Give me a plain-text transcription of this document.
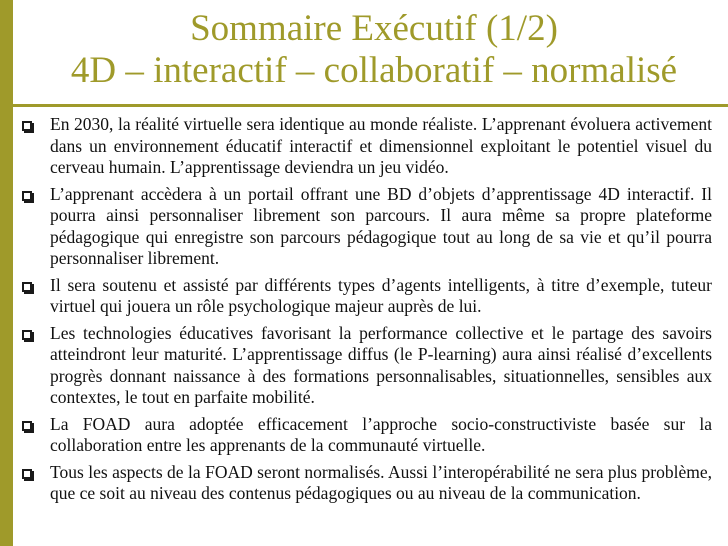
Sommaire Exécutif (1/2)
4D – interactif – collaboratif – normalisé
En 2030, la réalité virtuelle sera identique au monde réaliste. L’apprenant évoluera activement dans un environnement éducatif interactif et dimensionnel exploitant le potentiel visuel du cerveau humain. L’apprentissage deviendra un jeu vidéo.
L’apprenant accèdera à un portail offrant une BD d’objets d’apprentissage 4D interactif. Il pourra ainsi personnaliser librement son parcours. Il aura même sa propre plateforme pédagogique qui enregistre son parcours pédagogique tout au long de sa vie et qu’il pourra personnaliser librement.
Il sera soutenu et assisté par différents types d’agents intelligents, à titre d’exemple, tuteur virtuel qui jouera un rôle psychologique majeur auprès de lui.
Les technologies éducatives favorisant la performance collective et le partage des savoirs atteindront leur maturité. L’apprentissage diffus (le P-learning) aura ainsi réalisé d’excellents progrès donnant naissance à des formations personnalisables, situationnelles, sensibles aux contextes, le tout en parfaite mobilité.
La FOAD aura adoptée efficacement l’approche socio-constructiviste basée sur la collaboration entre les apprenants de la communauté virtuelle.
Tous les aspects de la FOAD seront normalisés. Aussi l’interopérabilité ne sera plus problème, que ce soit au niveau des contenus pédagogiques ou au niveau de la communication.
